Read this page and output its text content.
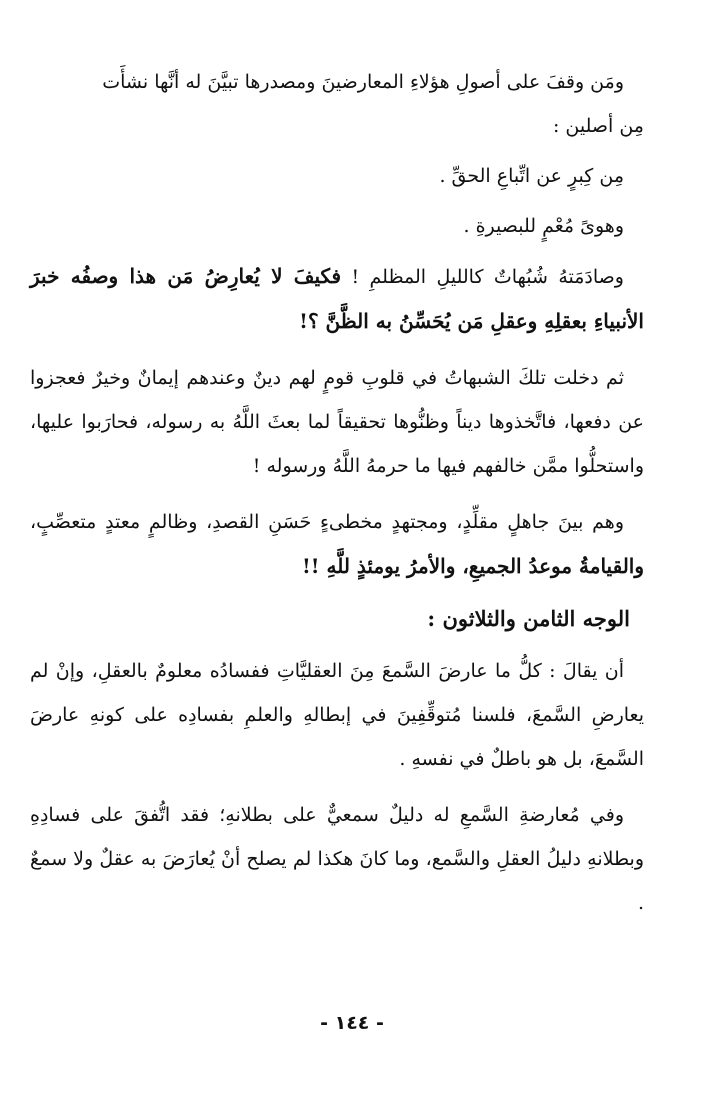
ومَن وقفَ على أصولِ هؤلاءِ المعارضينَ ومصدرها تبيَّنَ له أنَّها نشأَت
مِن أصلين :

مِن كِبرٍ عن اتِّباعِ الحقِّ .

وهوىً مُعْمٍ للبصيرةِ .

وصادَمَتهُ شُبُهاتٌ كالليلِ المظلمِ ! فكيفَ لا يُعارِضُ مَن هذا وصفُه خبرَ الأنبياءِ بعقلِهِ وعقلِ مَن يُحَسِّنُ به الظَّنَّ ؟!

ثم دخلت تلكَ الشبهاتُ في قلوبِ قومٍ لهم دينٌ وعندهم إيمانٌ وخيرٌ فعجزوا عن دفعها، فاتَّخذوها ديناً وظنُّوها تحقيقاً لما بعثَ اللَّهُ به رسوله، فحارَبوا عليها، واستحلُّوا ممَّن خالفهم فيها ما حرمهُ اللَّهُ ورسوله !

وهم بينَ جاهلٍ مقلِّدٍ، ومجتهدٍ مخطىءٍ حَسَنِ القصدِ، وظالمٍ معتدٍ متعصِّبٍ، والقيامةُ موعدُ الجميعِ، والأمرُ يومئذٍ للَّهِ !!

الوجه الثامن والثلاثون :

أن يقالَ : كلُّ ما عارضَ السَّمعَ مِنَ العقليَّاتِ ففسادُه معلومٌ بالعقلِ، وإنْ لم يعارضِ السَّمعَ، فلسنا مُتوقِّفِينَ في إبطالهِ والعلمِ بفسادِه على كونهِ عارضَ السَّمعَ، بل هو باطلٌ في نفسهِ .

وفي مُعارضةِ السَّمعِ له دليلٌ سمعيٌّ على بطلانهِ؛ فقد اتُّفقَ على فسادِهِ وبطلانهِ دليلُ العقلِ والسَّمع، وما كانَ هكذا لم يصلح أنْ يُعارَضَ به عقلٌ ولا سمعٌ .

- ١٤٤ -
